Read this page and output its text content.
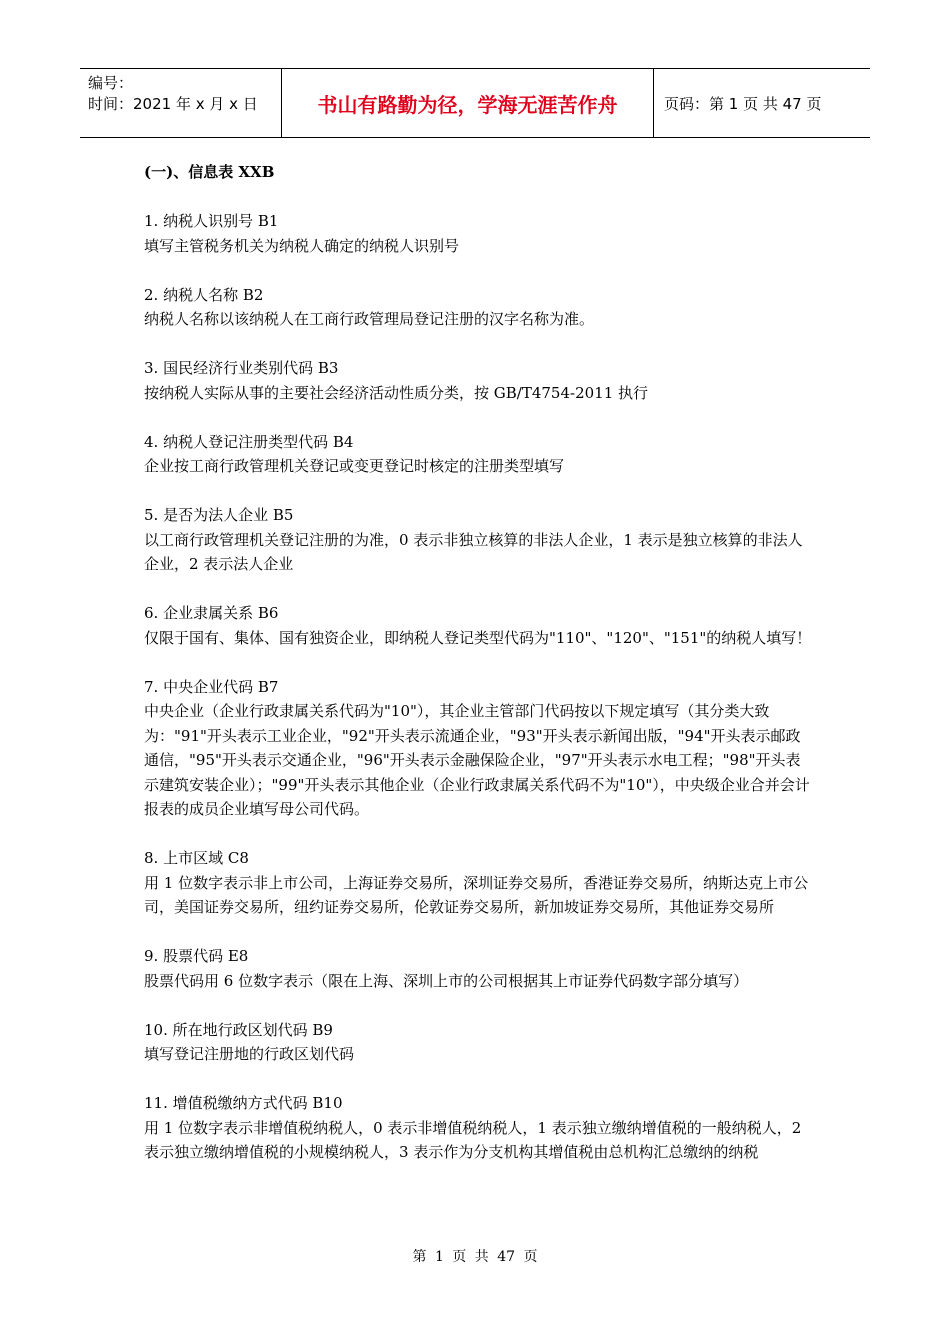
编号：
时间：2021 年 x 月 x 日	书山有路勤为径，学海无涯苦作舟	页码：第 1 页 共 47 页
(一)、信息表 XXB

1. 纳税人识别号 B1

填写主管税务机关为纳税人确定的纳税人识别号

2. 纳税人名称 B2

纳税人名称以该纳税人在工商行政管理局登记注册的汉字名称为准。

3. 国民经济行业类别代码 B3

按纳税人实际从事的主要社会经济活动性质分类，按 GB/T4754-2011 执行

4. 纳税人登记注册类型代码 B4

企业按工商行政管理机关登记或变更登记时核定的注册类型填写

5. 是否为法人企业 B5

以工商行政管理机关登记注册的为准，0 表示非独立核算的非法人企业，1 表示是独立核算的非法人企业，2 表示法人企业

6. 企业隶属关系 B6

仅限于国有、集体、国有独资企业，即纳税人登记类型代码为"110"、"120"、"151"的纳税人填写！

7. 中央企业代码 B7

中央企业（企业行政隶属关系代码为"10"），其企业主管部门代码按以下规定填写（其分类大致为："91"开头表示工业企业，"92"开头表示流通企业，"93"开头表示新闻出版，"94"开头表示邮政通信，"95"开头表示交通企业，"96"开头表示金融保险企业，"97"开头表示水电工程；"98"开头表示建筑安装企业）；"99"开头表示其他企业（企业行政隶属关系代码不为"10"），中央级企业合并会计报表的成员企业填写母公司代码。

8. 上市区域 C8

用 1 位数字表示非上市公司，上海证券交易所，深圳证券交易所，香港证券交易所，纳斯达克上市公司，美国证券交易所，纽约证券交易所，伦敦证券交易所，新加坡证券交易所，其他证券交易所

9. 股票代码 E8

股票代码用 6 位数字表示（限在上海、深圳上市的公司根据其上市证券代码数字部分填写）

10. 所在地行政区划代码 B9

填写登记注册地的行政区划代码

11. 增值税缴纳方式代码 B10

用 1 位数字表示非增值税纳税人，0 表示非增值税纳税人，1 表示独立缴纳增值税的一般纳税人，2 表示独立缴纳增值税的小规模纳税人，3 表示作为分支机构其增值税由总机构汇总缴纳的纳税

第 1 页 共 47 页
